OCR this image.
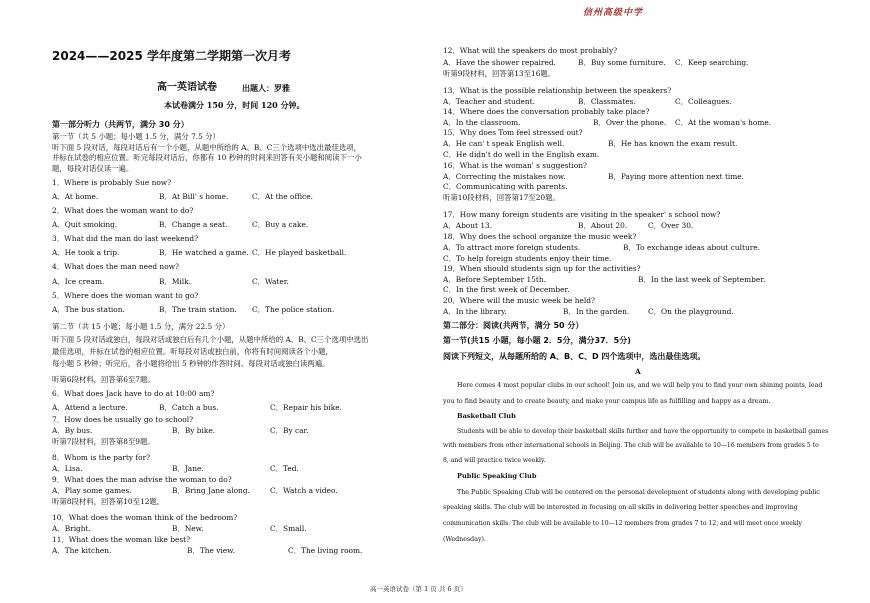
信州高级中学
2024——2025 学年度第二学期第一次月考
高一英语试卷	出题人：罗雅
本试卷满分 150 分，时间 120 分钟。
第一部分听力（共两节，满分 30 分）
第一节（共 5 小题；每小题 1.5 分，满分 7.5 分）
听下面 5 段对话，每段对话后有一个小题，从题中所给的 A、B、C三个选项中选出最佳选项，
并标在试卷的相应位置。听完每段对话后，你都有 10 秒钟的时间来回答有关小题和阅读下一小
题，每段对话仅读一遍。
1．Where is probably Sue now?
A．At home.	B．At Bill' s home.	C．At the office.
2．What does the woman want to do?
A．Quit smoking.	B．Change a seat.	C．Buy a cake.
3．What did the man do last weekend?
A．He took a trip.	B．He watched a game. C．He played basketball.
4．What does the man need now?
A．Ice cream.	B．Milk.	C．Water.
5．Where does the woman want to go?
A．The bus station.	B．The train station. C．The police station.
第二节（共 15 小题；每小题 1.5 分，满分 22.5 分）
听下面 5 段对话或独白，每段对话或独白后有几个小题，从题中所给的 A、B、C三个选项中选出
最佳选项，并标在试卷的相应位置。听每段对话或独白前，你将有时间阅读各个小题，
每小题 5 秒钟；听完后，各小题将给出 5 秒钟的作答时间。每段对话或独白读两遍。
听第6段材料，回答第6至7题。
6．What does Jack have to do at 10:00 am?
A．Attend a lecture.	B．Catch a bus.	C．Repair his bike.
7．How does he usually go to school?
A．By bus.	B．By bike.	C．By car.
听第7段材料，回答第8至9题。
8．Whom is the party for?
A．Lisa.	B．Jane.	C．Ted.
9．What does the man advise the woman to do?
A．Play some games.	B．Bring Jane along.	C．Watch a video.
听第8段材料，回答第10至12题。
10．What does the woman think of the bedroom?
A．Bright.	B．New.	C．Small.
11．What does the woman like best?
A．The kitchen.	B．The view.	C．The living room.
12．What will the speakers do most probably?
A．Have the shower repaired.	B．Buy some furniture. C．Keep searching.
听第9段材料，回答第13至16题。
13．What is the possible relationship between the speakers?
A．Teacher and student.	B．Classmates.	C．Colleagues.
14．Where does the conversation probably take place?
A．In the classroom.	B．Over the phone. C．At the woman's home.
15．Why does Tom feel stressed out?
A．He can' t speak English well.	B．He has known the exam result.
C．He didn't do well in the English exam.
16．What is the woman' s suggestion?
A．Correcting the mistakes now.	B．Paying more attention next time.
C．Communicating with parents.
听第10段材料，回答第17至20题。
17．How many foreign students are visiting in the speaker' s school now?
A．About 13.	B．About 20.	C．Over 30.
18．Why does the school organize the music week?
A．To attract more foreign students.	B．To exchange ideas about culture.
C．To help foreign students enjoy their time.
19．When should students sign up for the activities?
A．Before September 15th.	B．In the last week of September.
C．In the first week of December.
20．Where will the music week be held?
A．In the library.	B．In the garden.	C．On the playground.
第二部分：阅读(共两节，满分 50 分）
第一节(共15 小题，每小题 2．5分，满分37．5分)
阅读下列短文，从每题所给的 A、B、C、D 四个选项中，选出最佳选项。
A
Here comes 4 most popular clubs in our school! Join us, and we will help you to find your own shining points, lead
you to find beauty and to create beauty, and make your campus life as fulfilling and happy as a dream.
Basketball Club
Students will be able to develop their basketball skills further and have the opportunity to compete in basketball games
with members from other international schools in Beijing. The club will be available to 10—16 members from grades 5 to
8, and will practice twice weekly.
Public Speaking Club
The Public Speaking Club will be centered on the personal development of students along with developing public
speaking skills. The club will be interested in focusing on all skills in delivering better speeches and improving
communication skills. The club will be available to 10—12 members from grades 7 to 12, and will meet once weekly
(Wednesday).
高一英语试卷（第 1 页 共 6 页）
